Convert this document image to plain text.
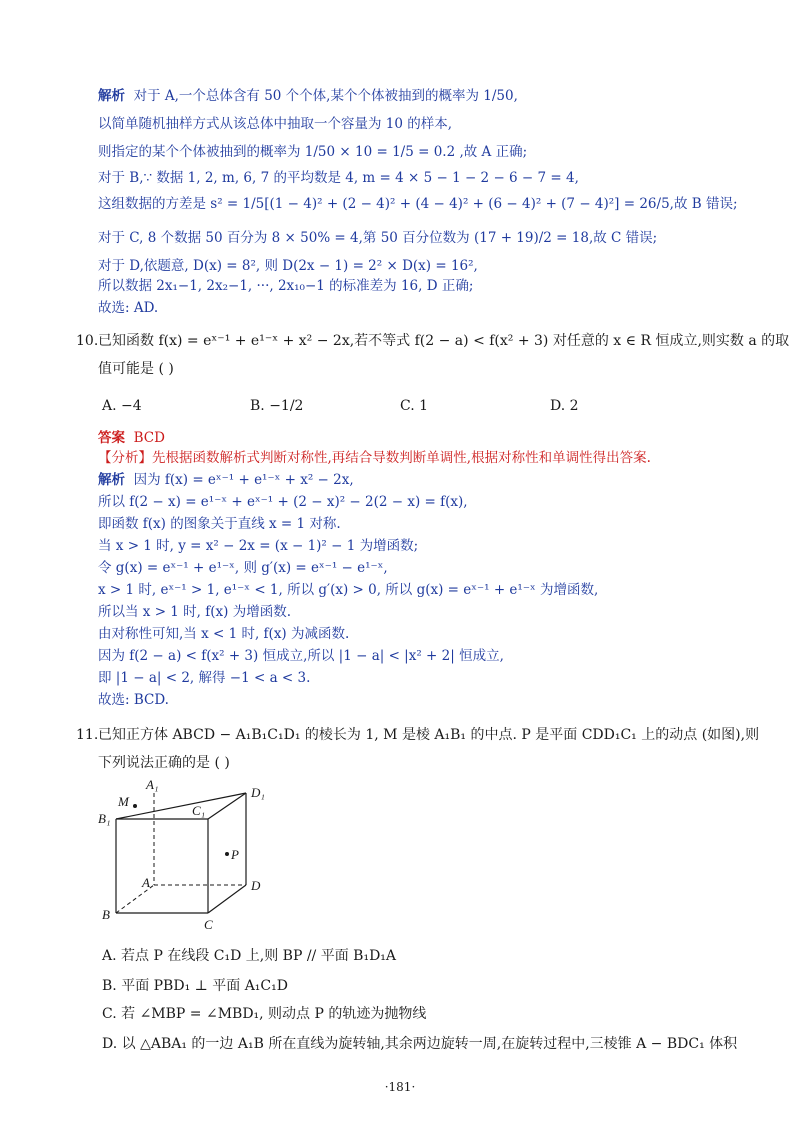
解析 对于 A,一个总体含有 50 个个体,某个个体被抽到的概率为 1/50,
以简单随机抽样方式从该总体中抽取一个容量为 10 的样本,
则指定的某个个体被抽到的概率为 1/50 × 10 = 1/5 = 0.2 ,故 A 正确;
对于 B,∵ 数据 1, 2, m, 6, 7 的平均数是 4, m = 4 × 5 − 1 − 2 − 6 − 7 = 4,
这组数据的方差是 s² = 1/5[(1 − 4)² + (2 − 4)² + (4 − 4)² + (6 − 4)² + (7 − 4)²] = 26/5,故 B 错误;
对于 C, 8 个数据 50 百分为 8 × 50% = 4,第 50 百分位数为 (17 + 19)/2 = 18,故 C 错误;
对于 D,依题意, D(x) = 8², 则 D(2x − 1) = 2² × D(x) = 16²,
所以数据 2x₁−1, 2x₂−1, ···, 2x₁₀−1 的标准差为 16, D 正确;
故选: AD.
10. 已知函数 f(x) = eˣ⁻¹ + e¹⁻ˣ + x² − 2x,若不等式 f(2 − a) < f(x² + 3) 对任意的 x ∈ R 恒成立,则实数 a 的取
值可能是 ( )
A. −4	B. −1/2	C. 1	D. 2
答案 BCD
【分析】先根据函数解析式判断对称性,再结合导数判断单调性,根据对称性和单调性得出答案.
解析 因为 f(x) = eˣ⁻¹ + e¹⁻ˣ + x² − 2x,
所以 f(2 − x) = e¹⁻ˣ + eˣ⁻¹ + (2 − x)² − 2(2 − x) = f(x),
即函数 f(x) 的图象关于直线 x = 1 对称.
当 x > 1 时, y = x² − 2x = (x − 1)² − 1 为增函数;
令 g(x) = eˣ⁻¹ + e¹⁻ˣ, 则 g′(x) = eˣ⁻¹ − e¹⁻ˣ,
x > 1 时, eˣ⁻¹ > 1, e¹⁻ˣ < 1, 所以 g′(x) > 0, 所以 g(x) = eˣ⁻¹ + e¹⁻ˣ 为增函数,
所以当 x > 1 时, f(x) 为增函数.
由对称性可知,当 x < 1 时, f(x) 为减函数.
因为 f(2 − a) < f(x² + 3) 恒成立,所以 |1 − a| < |x² + 2| 恒成立,
即 |1 − a| < 2, 解得 −1 < a < 3.
故选: BCD.
11. 已知正方体 ABCD − A₁B₁C₁D₁ 的棱长为 1, M 是棱 A₁B₁ 的中点. P 是平面 CDD₁C₁ 上的动点 (如图),则
下列说法正确的是 ( )
A₁
D₁
M
B₁
C₁
P
A	D
B
C
A. 若点 P 在线段 C₁D 上,则 BP // 平面 B₁D₁A
B. 平面 PBD₁ ⊥ 平面 A₁C₁D
C. 若 ∠MBP = ∠MBD₁, 则动点 P 的轨迹为抛物线
D. 以 △ABA₁ 的一边 A₁B 所在直线为旋转轴,其余两边旋转一周,在旋转过程中,三棱锥 A − BDC₁ 体积
·181·
